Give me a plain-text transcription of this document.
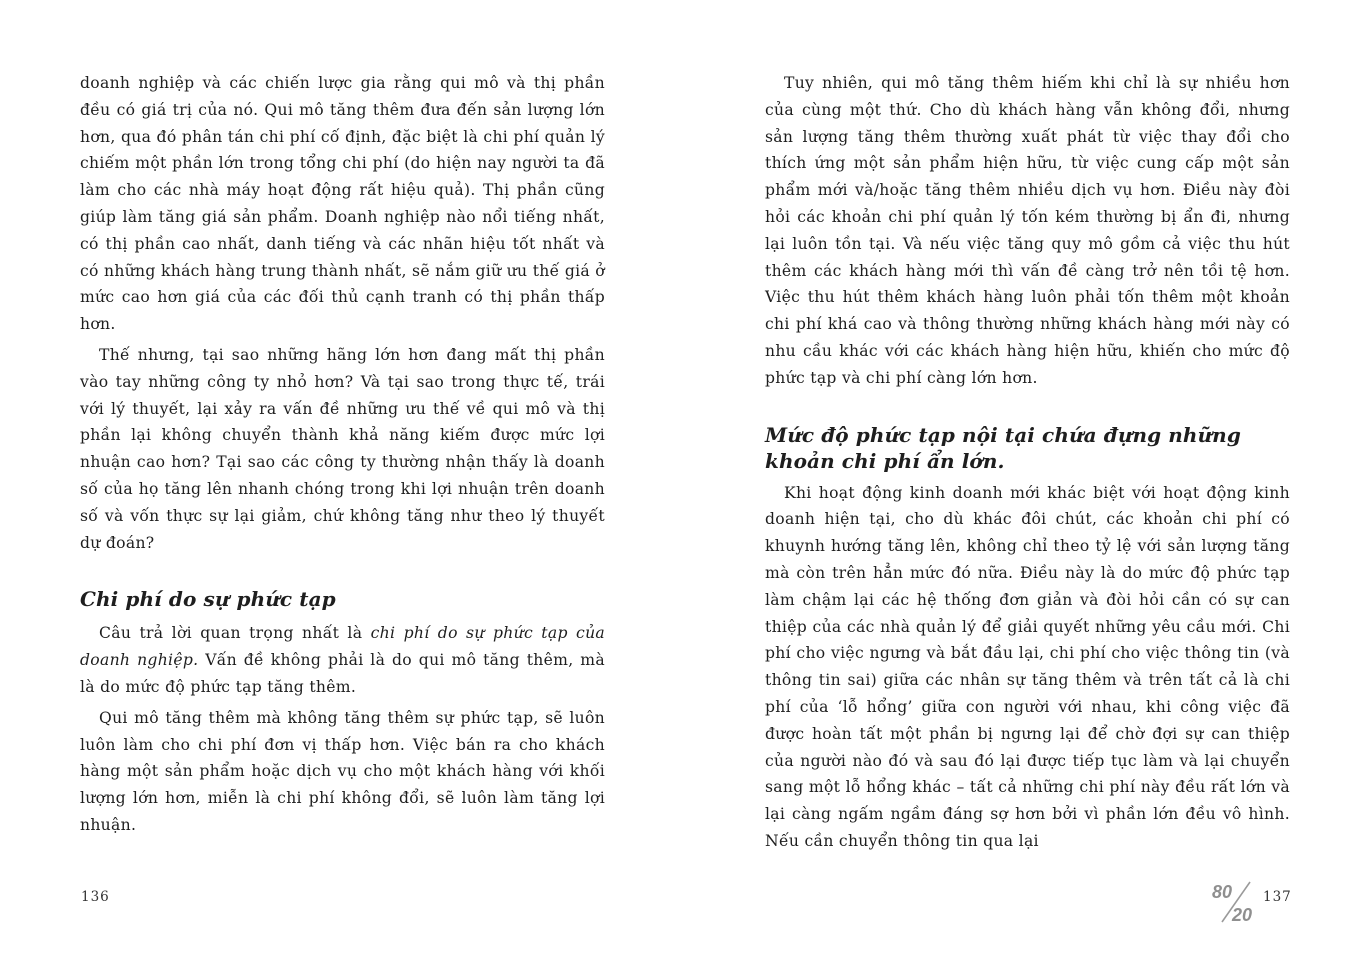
doanh nghiệp và các chiến lược gia rằng qui mô và thị phần đều có giá trị của nó. Qui mô tăng thêm đưa đến sản lượng lớn hơn, qua đó phân tán chi phí cố định, đặc biệt là chi phí quản lý chiếm một phần lớn trong tổng chi phí (do hiện nay người ta đã làm cho các nhà máy hoạt động rất hiệu quả). Thị phần cũng giúp làm tăng giá sản phẩm. Doanh nghiệp nào nổi tiếng nhất, có thị phần cao nhất, danh tiếng và các nhãn hiệu tốt nhất và có những khách hàng trung thành nhất, sẽ nắm giữ ưu thế giá ở mức cao hơn giá của các đối thủ cạnh tranh có thị phần thấp hơn.

Thế nhưng, tại sao những hãng lớn hơn đang mất thị phần vào tay những công ty nhỏ hơn? Và tại sao trong thực tế, trái với lý thuyết, lại xảy ra vấn đề những ưu thế về qui mô và thị phần lại không chuyển thành khả năng kiếm được mức lợi nhuận cao hơn? Tại sao các công ty thường nhận thấy là doanh số của họ tăng lên nhanh chóng trong khi lợi nhuận trên doanh số và vốn thực sự lại giảm, chứ không tăng như theo lý thuyết dự đoán?

Chi phí do sự phức tạp

Câu trả lời quan trọng nhất là chi phí do sự phức tạp của doanh nghiệp. Vấn đề không phải là do qui mô tăng thêm, mà là do mức độ phức tạp tăng thêm.

Qui mô tăng thêm mà không tăng thêm sự phức tạp, sẽ luôn luôn làm cho chi phí đơn vị thấp hơn. Việc bán ra cho khách hàng một sản phẩm hoặc dịch vụ cho một khách hàng với khối lượng lớn hơn, miễn là chi phí không đổi, sẽ luôn làm tăng lợi nhuận.

Tuy nhiên, qui mô tăng thêm hiếm khi chỉ là sự nhiều hơn của cùng một thứ. Cho dù khách hàng vẫn không đổi, nhưng sản lượng tăng thêm thường xuất phát từ việc thay đổi cho thích ứng một sản phẩm hiện hữu, từ việc cung cấp một sản phẩm mới và/hoặc tăng thêm nhiều dịch vụ hơn. Điều này đòi hỏi các khoản chi phí quản lý tốn kém thường bị ẩn đi, nhưng lại luôn tồn tại. Và nếu việc tăng quy mô gồm cả việc thu hút thêm các khách hàng mới thì vấn đề càng trở nên tồi tệ hơn. Việc thu hút thêm khách hàng luôn phải tốn thêm một khoản chi phí khá cao và thông thường những khách hàng mới này có nhu cầu khác với các khách hàng hiện hữu, khiến cho mức độ phức tạp và chi phí càng lớn hơn.

Mức độ phức tạp nội tại chứa đựng những khoản chi phí ẩn lớn.

Khi hoạt động kinh doanh mới khác biệt với hoạt động kinh doanh hiện tại, cho dù khác đôi chút, các khoản chi phí có khuynh hướng tăng lên, không chỉ theo tỷ lệ với sản lượng tăng mà còn trên hẳn mức đó nữa. Điều này là do mức độ phức tạp làm chậm lại các hệ thống đơn giản và đòi hỏi cần có sự can thiệp của các nhà quản lý để giải quyết những yêu cầu mới. Chi phí cho việc ngưng và bắt đầu lại, chi phí cho việc thông tin (và thông tin sai) giữa các nhân sự tăng thêm và trên tất cả là chi phí của ‘lỗ hổng’ giữa con người với nhau, khi công việc đã được hoàn tất một phần bị ngưng lại để chờ đợi sự can thiệp của người nào đó và sau đó lại được tiếp tục làm và lại chuyển sang một lỗ hổng khác – tất cả những chi phí này đều rất lớn và lại càng ngấm ngầm đáng sợ hơn bởi vì phần lớn đều vô hình. Nếu cần chuyển thông tin qua lại

136	80
20
137
